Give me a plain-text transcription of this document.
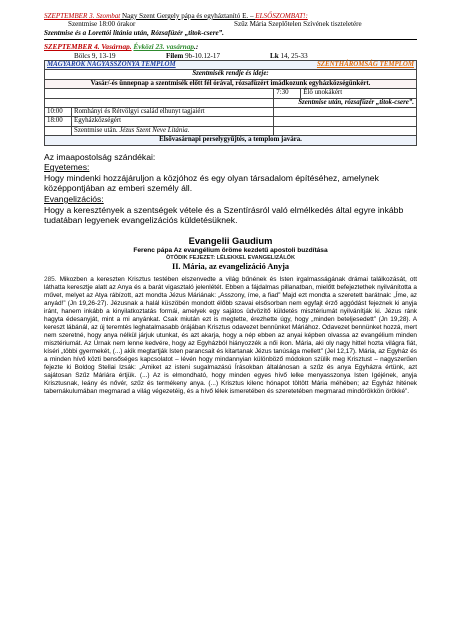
SZEPTEMBER 3. Szombat Nagy Szent Gergely pápa és egyháztanító E. – ELSŐSZOMBAT!:
Szentmise 18:00 órakor	Szűz Mária Szeplőtelen Szívének tiszteletére
Szentmise és a Lorettói litánia után, Rózsafüzér „titok-csere”.
SZEPTEMBER 4. Vasárnap. Évközi 23. vasárnap.:
Bölcs 9, 13-19	Filem 9b-10.12-17	Lk 14, 25-33
MAGYAROK NAGYASSZONYA TEMPLOM		SZENTHÁROMSÁG TEMPLOM	
Szentmisék rendje és ideje:			
Vasár/-és ünnepnap a szentmisék előtt fél órával, rózsafüzért imádkozunk egyházközségünkért.			
		7:30	Élő unokákért
		Szentmise után, rózsafüzér „titok-csere”.	
10:00	Romhányi és Rétvölgyi család elhunyt tagjaiért		
18:00	Egyházközségért		
	Szentmise után. Jézus Szent Neve Litánia.		
Elsővasárnapi perselygyűjtés, a templom javára.			
Az imaapostolság szándékai:
Egyetemes:
Hogy mindenki hozzájáruljon a közjóhoz és egy olyan társadalom építéséhez, amelynek középpontjában az emberi személy áll.
Evangelizációs:
Hogy a keresztények a szentségek vétele és a Szentírásról való elmélkedés által egyre inkább tudatában legyenek evangelizációs küldetésüknek.
Evangelii Gaudium
Ferenc pápa Az evangélium öröme kezdetű apostoli buzdítása
ÖTÖDIK FEJEZET: LÉLEKKEL EVANGELIZÁLÓK
II. Mária, az evangelizáció Anyja
285. Mikozben a kereszten Krisztus testében elszenvedte a világ bűnének és Isten irgalmasságának drámai találkozását, ott láthatta keresztje alatt az Anya és a barát vigasztaló jelenlétét. Ebben a fájdalmas pillanatban, mielőtt befejeztethek nyilvánította a művet, melyet az Atya rábízott, azt mondta Jézus Máriának: „Asszony, íme, a fiad” Majd ezt mondta a szeretett barátnak: „Íme, az anyád!” (Jn 19,26-27). Jézusnak a halál küszöbén mondott élőbb szavai elsősorban nem egyfajt érző aggódást fejeznek ki anyja iránt, hanem inkább a kinyilatkoztatás formái, amelyek egy sajátos üdvözítő küldetés misztériumát nyilvánítják ki. Jézus ránk hagyta édesanyját, mint a mi anyánkat. Csak miután ezt is megtette, érezhette úgy, hogy „minden beteljesedett” (Jn 19,28). A kereszt lábánál, az új teremtés leghatalmasabb órájában Krisztus odavezet bennünket Máriához. Odavezet bennünket hozzá, mert nem szeretné, hogy anya nélkül járjuk utunkat, és azt akarja, hogy a nép ebben az anyai képben olvassa az evangélium minden misztériumát. Az Úrnak nem lenne kedvére, hogy az Egyházból hiányozzék a női ikon. Mária, aki oly nagy hittel hozta világra fiát, kíséri „többi gyermekét, (...) akik megtartják Isten parancsait és kitartanak Jézus tanúsága mellett” (Jel 12,17). Mária, az Egyház és a minden hívő közti bensőséges kapcsolatot – lévén hogy mindannyian különböző módokon szülik meg Krisztust – nagyszerűen fejezte ki Boldog Stellai Izsák: „Amiket az isteni sugalmazású Írásokban általánosan a szűz és anya Egyházra értünk, azt sajátosan Szűz Máriára értjük. (...) Az is elmondható, hogy minden egyes hívő lelke menyasszonya Isten Igéjének, anyja Krisztusnak, leány és nővér, szűz és termékeny anya. (...) Krisztus kilenc hónapot töltött Mária méhében; az Egyház hitének tabernákulumában megmarad a világ végezetéig, és a hívő lélek ismeretében és szeretetében megmarad mindörökkön örökké”.
